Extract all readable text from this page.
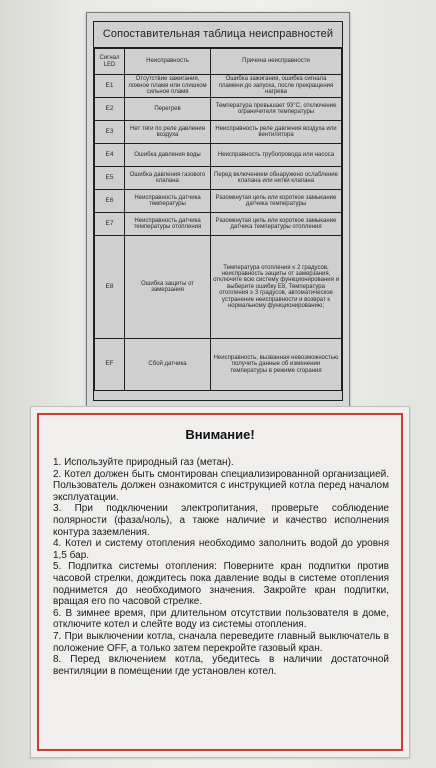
Сопоставительная таблица неисправностей
Сигнал LED	Неисправность	Причина неисправности
E1	Отсутствие зажигания, ложное пламя или слишком сильное пламя	Ошибка зажигания, ошибка сигнала пламени до запуска, после прекращения нагрева
E2	Перегрев	Температура превышает 93°С, отключение ограничителя температуры
E3	Нет тяги по реле давления воздуха	Неисправность реле давления воздуха или вентилятора
E4	Ошибка давления воды	Неисправность трубопровода или насоса
E5	Ошибка давления газового клапана	Перед включением обнаружено ослабление клапана или нитки клапана
E6	Неисправность датчика температуры	Разомкнутая цепь или короткое замыкание датчика температуры
E7	Неисправность датчика температуры отопления	Разомкнутая цепь или короткое замыкание датчика температуры отопления
E8	Ошибка защиты от замерзания	Температура отопления ≤ 2 градусов, неисправность защиты от замерзания, отключите всю систему функционирования и выберите ошибку E8, Температура отопления ≥ 3 градусов, автоматическое устранение неисправности и возврат к нормальному функционированию;
EF	Сбой датчика	Неисправность, вызванная невозможностью получить данные об изменении температуры в режиме сгорания
Внимание!

1. Используйте природный газ (метан).

2. Котел должен быть смонтирован специализированной организацией. Пользователь должен ознакомится с инструкцией котла перед началом эксплуатации.

3. При подключении электропитания, проверьте соблюдение полярности (фаза/ноль), а также наличие и качество исполнения контура заземления.

4. Котел и систему отопления необходимо заполнить водой до уровня 1,5 бар.

5. Подпитка системы отопления: Поверните кран подпитки против часовой стрелки, дождитесь пока давление воды в системе отопления поднимется до необходимого значения. Закройте кран подпитки, вращая его по часовой стрелке.

6. В зимнее время, при длительном отсутствии пользователя в доме, отключите котел и слейте воду из системы отопления.

7. При выключении котла, сначала переведите главный выключатель в положение OFF, а только затем перекройте газовый кран.

8. Перед включением котла, убедитесь в наличии достаточной вентиляции в помещении где установлен котел.
